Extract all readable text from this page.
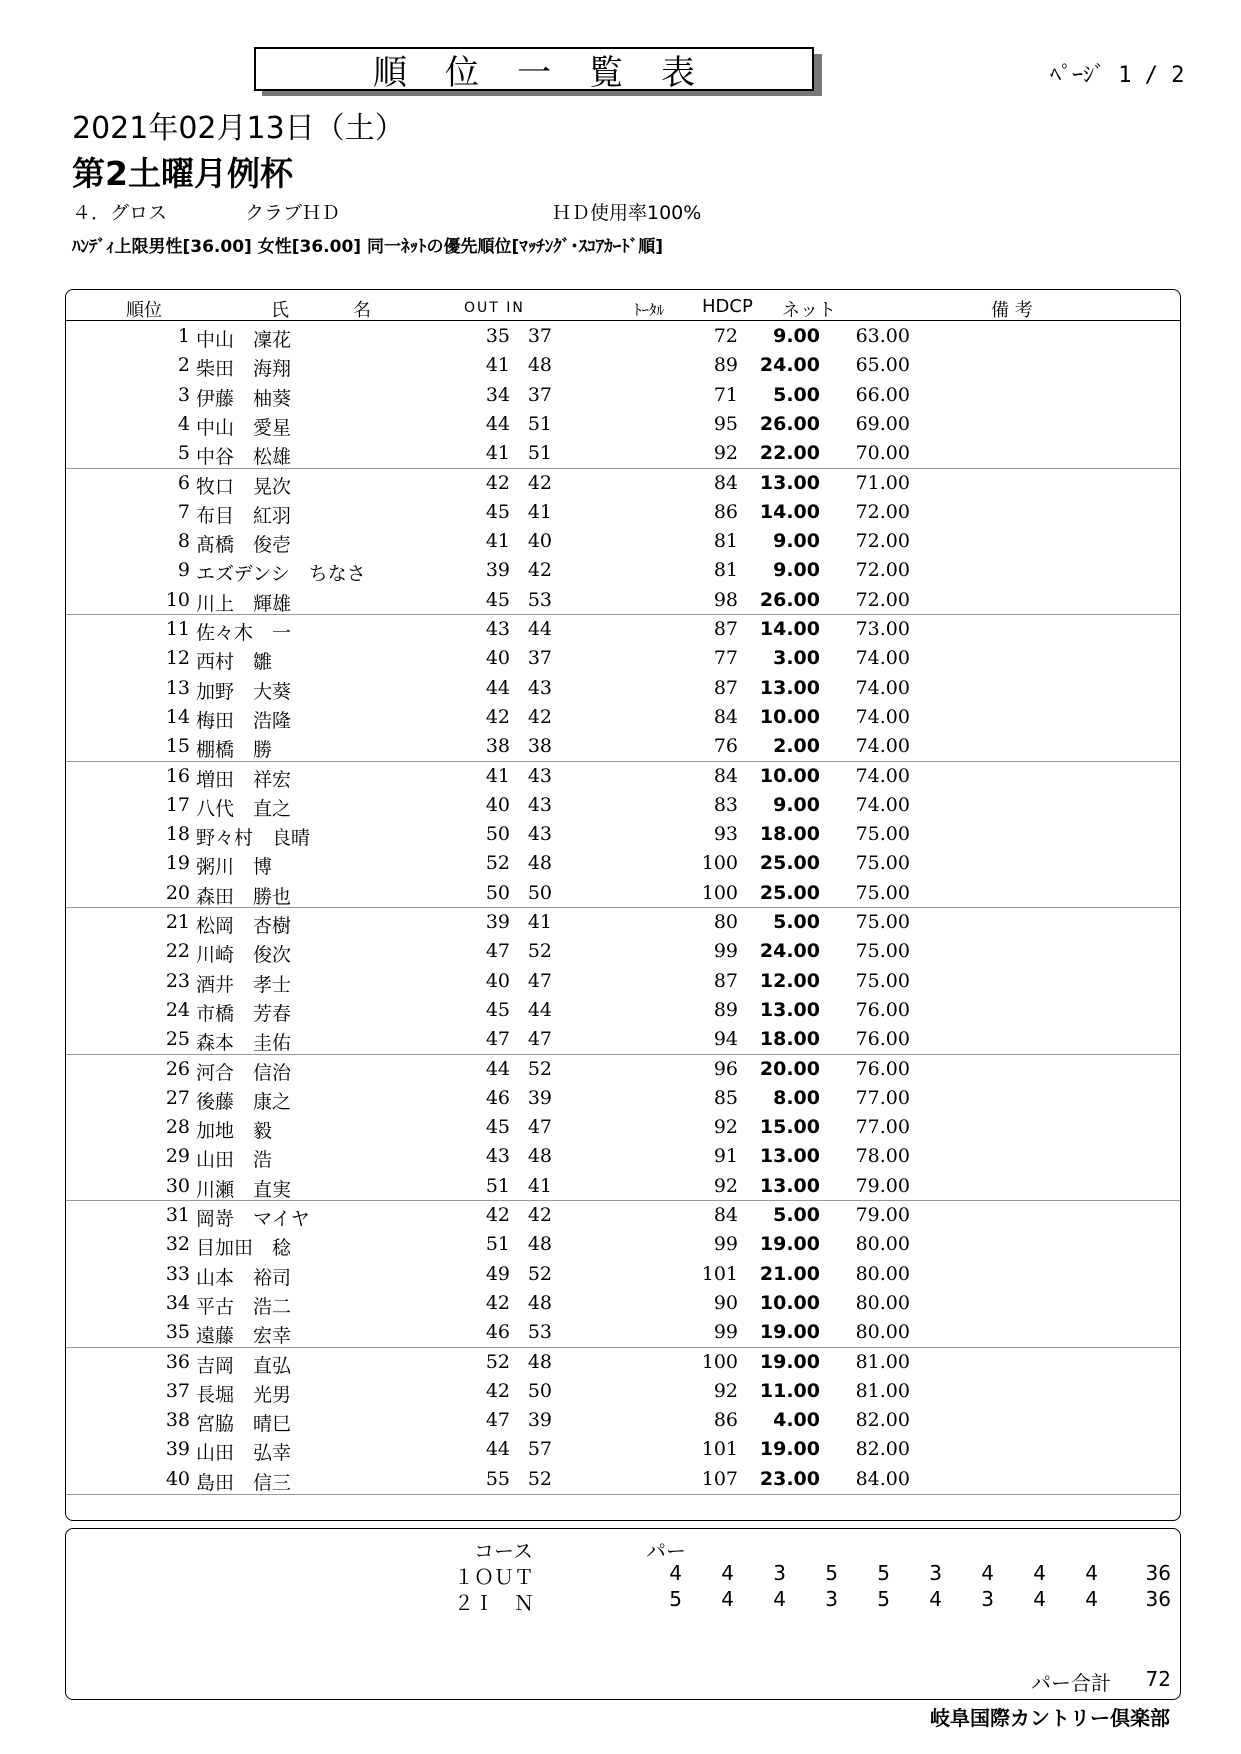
順位一覧表	ﾍﾟｰｼﾞ 1 / 2
2021年02月13日（土）
第2土曜月例杯
４．グロス	クラブＨＤ	ＨＤ使用率100%
ﾊﾝﾃﾞｨ上限男性[36.00] 女性[36.00] 同一ﾈｯﾄの優先順位[ﾏｯﾁﾝｸﾞ･ｽｺｱｶｰﾄﾞ順]
順位	氏	名	OUT IN	ﾄｰﾀﾙ HDCP ネット	備 考
1 中山　凜花	35 37	72 9.00 63.00
2 柴田　海翔	41 48	89 24.00 65.00
3 伊藤　柚葵	34 37	71 5.00 66.00
4 中山　愛星	44 51	95 26.00 69.00
5 中谷　松雄	41 51	92 22.00 70.00
6 牧口　晃次	42 42	84 13.00 71.00
7 布目　紅羽	45 41	86 14.00 72.00
8 髙橋　俊壱	41 40	81 9.00 72.00
9 エズデンシ　ちなさ	39 42	81 9.00 72.00
10 川上　輝雄	45 53	98 26.00 72.00
11 佐々木　一	43 44	87 14.00 73.00
12 西村　雛	40 37	77 3.00 74.00
13 加野　大葵	44 43	87 13.00 74.00
14 梅田　浩隆	42 42	84 10.00 74.00
15 棚橋　勝	38 38	76 2.00 74.00
16 増田　祥宏	41 43	84 10.00 74.00
17 八代　直之	40 43	83 9.00 74.00
18 野々村　良晴	50 43	93 18.00 75.00
19 粥川　博	52 48	100 25.00 75.00
20 森田　勝也	50 50	100 25.00 75.00
21 松岡　杏樹	39 41	80 5.00 75.00
22 川崎　俊次	47 52	99 24.00 75.00
23 酒井　孝士	40 47	87 12.00 75.00
24 市橋　芳春	45 44	89 13.00 76.00
25 森本　圭佑	47 47	94 18.00 76.00
26 河合　信治	44 52	96 20.00 76.00
27 後藤　康之	46 39	85 8.00 77.00
28 加地　毅	45 47	92 15.00 77.00
29 山田　浩	43 48	91 13.00 78.00
30 川瀬　直実	51 41	92 13.00 79.00
31 岡嵜　マイヤ	42 42	84 5.00 79.00
32 目加田　稔	51 48	99 19.00 80.00
33 山本　裕司	49 52	101 21.00 80.00
34 平古　浩二	42 48	90 10.00 80.00
35 遠藤　宏幸	46 53	99 19.00 80.00
36 吉岡　直弘	52 48	100 19.00 81.00
37 長堀　光男	42 50	92 11.00 81.00
38 宮脇　晴巳	47 39	86 4.00 82.00
39 山田　弘幸	44 57	101 19.00 82.00
40 島田　信三	55 52	107 23.00 84.00
コース	パー
１ＯＵＴ	4	4	3	5	5	3	4	4	4 36
２Ｉ　Ｎ	5	4	4	3	5	4	3	4	4 36
パー合計	72
岐阜国際カントリー倶楽部
